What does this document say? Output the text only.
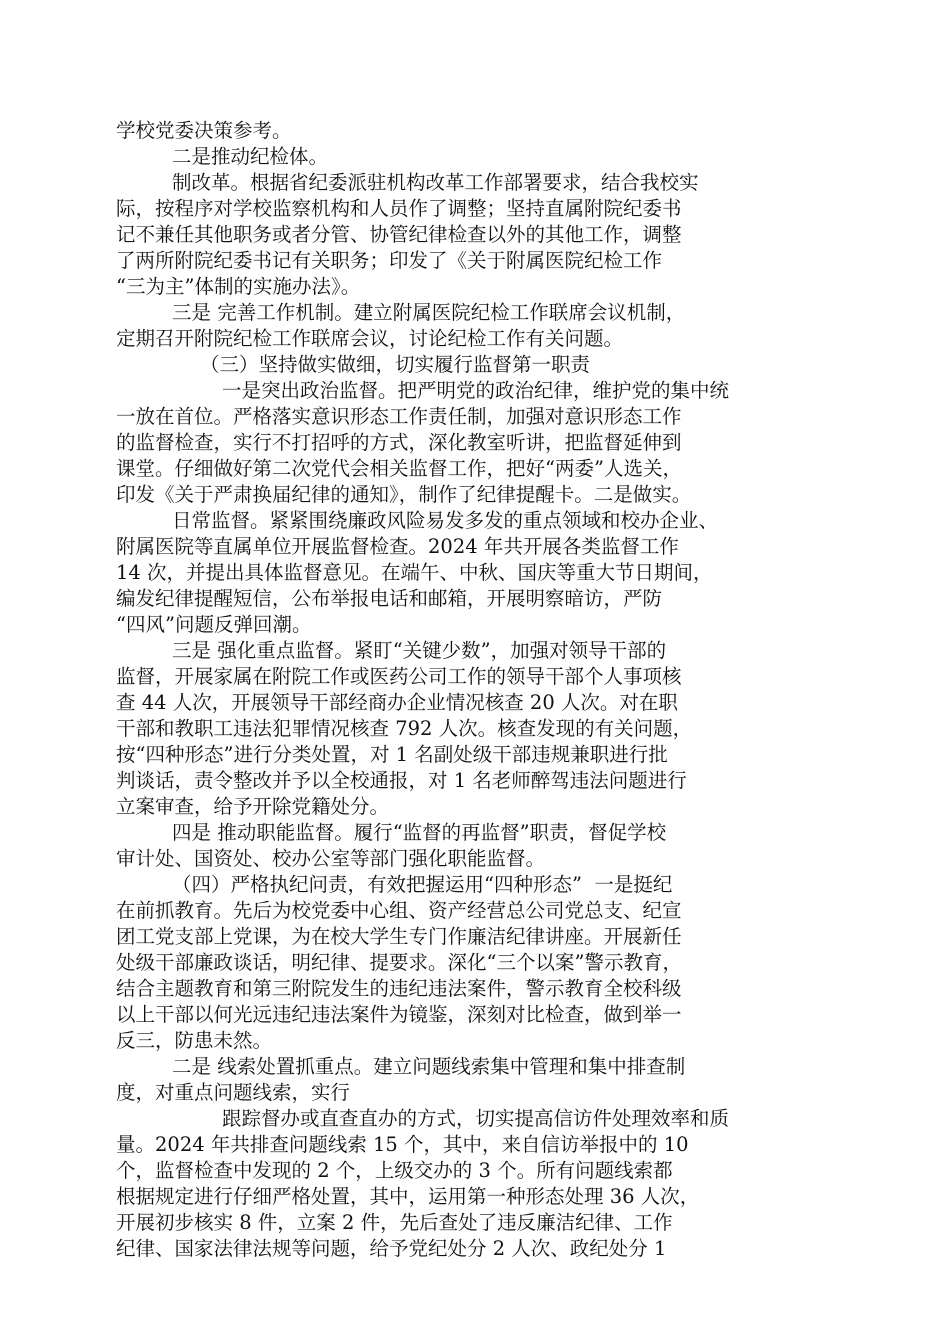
学校党委决策参考。
二是推动纪检体。
制改革。根据省纪委派驻机构改革工作部署要求，结合我校实
际，按程序对学校监察机构和人员作了调整；坚持直属附院纪委书
记不兼任其他职务或者分管、协管纪律检查以外的其他工作，调整
了两所附院纪委书记有关职务；印发了《关于附属医院纪检工作
“三为主”体制的实施办法》。
三是 完善工作机制。建立附属医院纪检工作联席会议机制，
定期召开附院纪检工作联席会议，讨论纪检工作有关问题。
（三）坚持做实做细，切实履行监督第一职责
一是突出政治监督。把严明党的政治纪律，维护党的集中统
一放在首位。严格落实意识形态工作责任制，加强对意识形态工作
的监督检查，实行不打招呼的方式，深化教室听讲，把监督延伸到
课堂。仔细做好第二次党代会相关监督工作，把好“两委”人选关，
印发《关于严肃换届纪律的通知》，制作了纪律提醒卡。二是做实。
日常监督。紧紧围绕廉政风险易发多发的重点领域和校办企业、
附属医院等直属单位开展监督检查。2024 年共开展各类监督工作
14 次，并提出具体监督意见。在端午、中秋、国庆等重大节日期间，
编发纪律提醒短信，公布举报电话和邮箱，开展明察暗访，严防
“四风”问题反弹回潮。
三是 强化重点监督。紧盯“关键少数”，加强对领导干部的
监督，开展家属在附院工作或医药公司工作的领导干部个人事项核
查 44 人次，开展领导干部经商办企业情况核查 20 人次。对在职
干部和教职工违法犯罪情况核查 792 人次。核查发现的有关问题，
按“四种形态”进行分类处置，对 1 名副处级干部违规兼职进行批
判谈话，责令整改并予以全校通报，对 1 名老师醉驾违法问题进行
立案审查，给予开除党籍处分。
四是 推动职能监督。履行“监督的再监督”职责，督促学校
审计处、国资处、校办公室等部门强化职能监督。
（四）严格执纪问责，有效把握运用“四种形态”  一是挺纪
在前抓教育。先后为校党委中心组、资产经营总公司党总支、纪宣
团工党支部上党课，为在校大学生专门作廉洁纪律讲座。开展新任
处级干部廉政谈话，明纪律、提要求。深化“三个以案”警示教育，
结合主题教育和第三附院发生的违纪违法案件，警示教育全校科级
以上干部以何光远违纪违法案件为镜鉴，深刻对比检查，做到举一
反三，防患未然。
二是 线索处置抓重点。建立问题线索集中管理和集中排查制
度，对重点问题线索，实行
跟踪督办或直查直办的方式，切实提高信访件处理效率和质
量。2024 年共排查问题线索 15 个，其中，来自信访举报中的 10
个，监督检查中发现的 2 个，上级交办的 3 个。所有问题线索都
根据规定进行仔细严格处置，其中，运用第一种形态处理 36 人次，
开展初步核实 8 件，立案 2 件，先后查处了违反廉洁纪律、工作
纪律、国家法律法规等问题，给予党纪处分 2 人次、政纪处分 1
